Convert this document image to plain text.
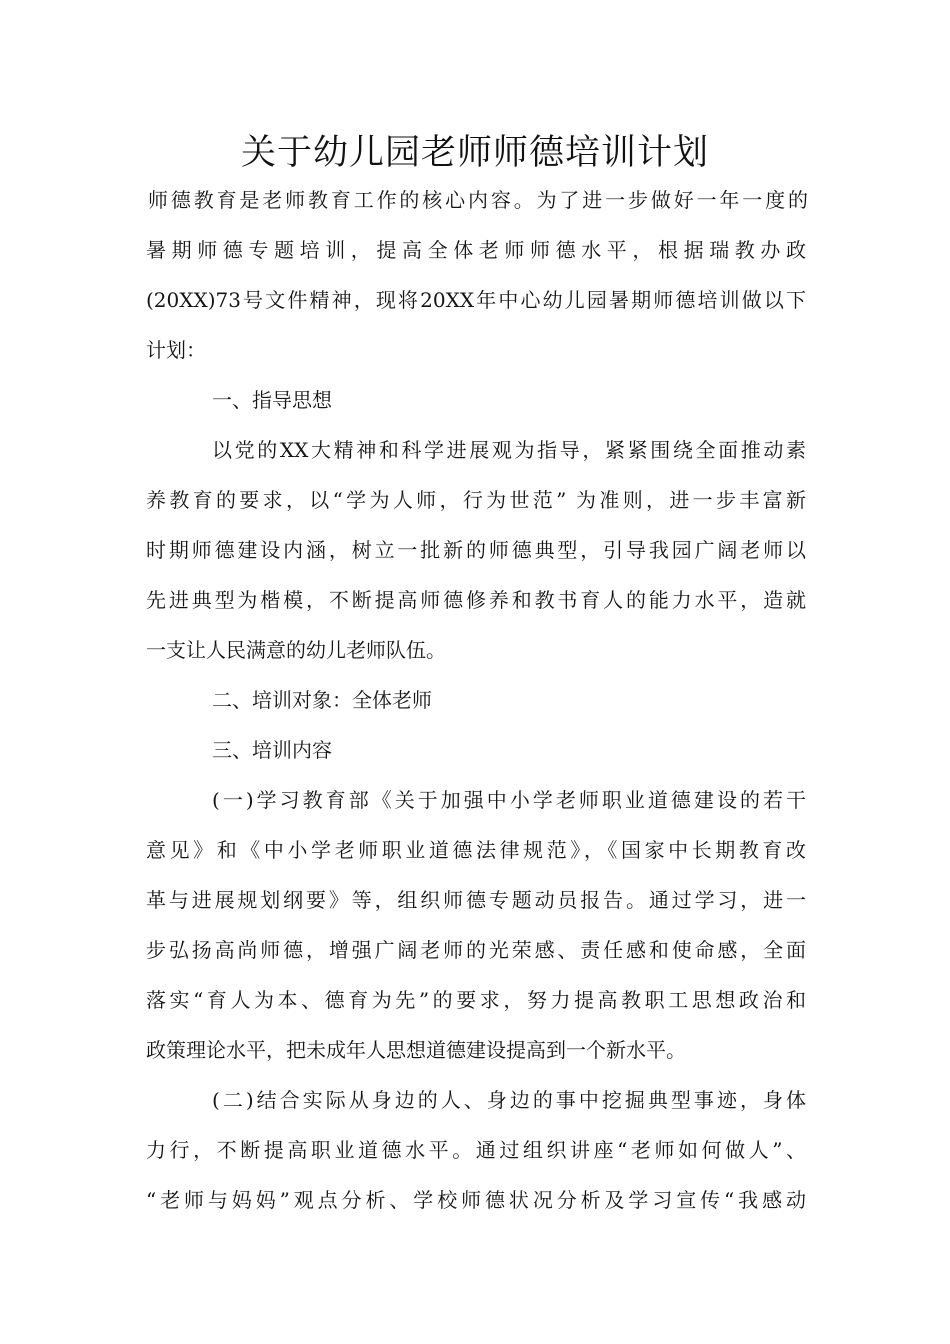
关于幼儿园老师师德培训计划
师德教育是老师教育工作的核心内容。为了进一步做好一年一度的
暑期师德专题培训，提高全体老师师德水平，根据瑞教办政
(20XX)73号文件精神，现将20XX年中心幼儿园暑期师德培训做以下
计划：
一、指导思想
以党的XX大精神和科学进展观为指导，紧紧围绕全面推动素
养教育的要求，以“学为人师，行为世范” 为准则，进一步丰富新
时期师德建设内涵，树立一批新的师德典型，引导我园广阔老师以
先进典型为楷模，不断提高师德修养和教书育人的能力水平，造就
一支让人民满意的幼儿老师队伍。
二、培训对象：全体老师
三、培训内容
(一)学习教育部《关于加强中小学老师职业道德建设的若干
意见》和《中小学老师职业道德法律规范》，《国家中长期教育改
革与进展规划纲要》等，组织师德专题动员报告。通过学习，进一
步弘扬高尚师德，增强广阔老师的光荣感、责任感和使命感，全面
落实“育人为本、德育为先”的要求，努力提高教职工思想政治和
政策理论水平，把未成年人思想道德建设提高到一个新水平。
(二)结合实际从身边的人、身边的事中挖掘典型事迹，身体
力行，不断提高职业道德水平。通过组织讲座“老师如何做人”、
“老师与妈妈”观点分析、学校师德状况分析及学习宣传“我感动
